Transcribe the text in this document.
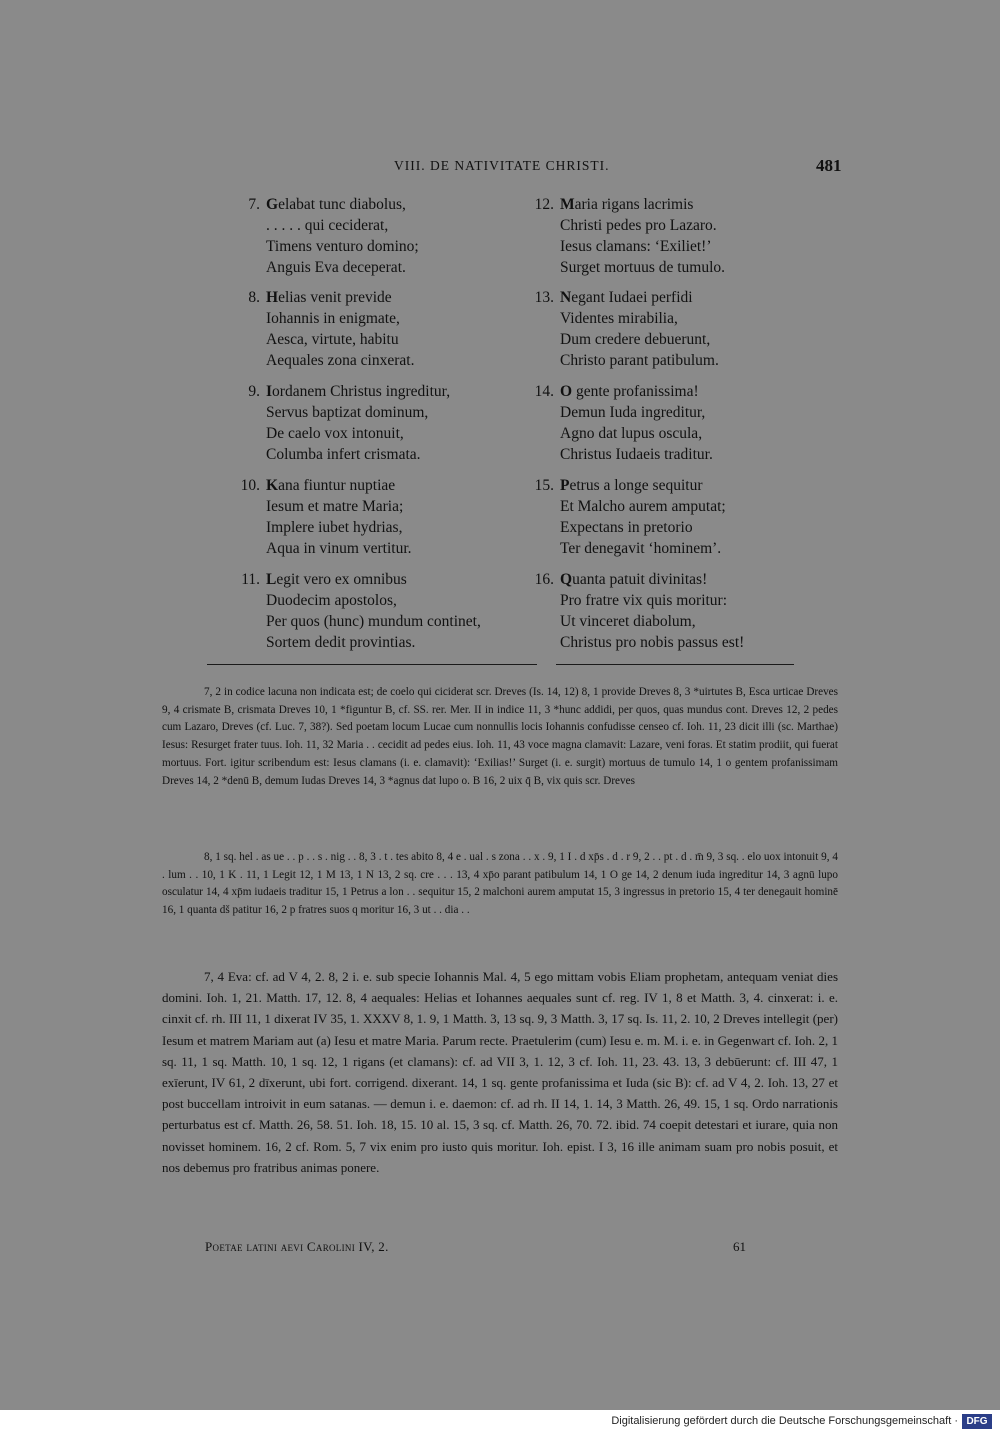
VIII. DE NATIVITATE CHRISTI.	481
7. Gelabat tunc diabolus,
. . . . . qui ceciderat,
Timens venturo domino;
Anguis Eva deceperat.
8. Helias venit previde
Iohannis in enigmate,
Aesca, virtute, habitu
Aequales zona cinxerat.
9. Iordanem Christus ingreditur,
Servus baptizat dominum,
De caelo vox intonuit,
Columba infert crismata.
10. Kana fiuntur nuptiae
Iesum et matre Maria;
Implere iubet hydrias,
Aqua in vinum vertitur.
11. Legit vero ex omnibus
Duodecim apostolos,
Per quos (hunc) mundum continet,
Sortem dedit provintias.
12. Maria rigans lacrimis
Christi pedes pro Lazaro.
Iesus clamans: ‘Exiliet!’
Surget mortuus de tumulo.
13. Negant Iudaei perfidi
Videntes mirabilia,
Dum credere debuerunt,
Christo parant patibulum.
14. O gente profanissima!
Demun Iuda ingreditur,
Agno dat lupus oscula,
Christus Iudaeis traditur.
15. Petrus a longe sequitur
Et Malcho aurem amputat;
Expectans in pretorio
Ter denegavit ‘hominem’.
16. Quanta patuit divinitas!
Pro fratre vix quis moritur:
Ut vinceret diabolum,
Christus pro nobis passus est!

7, 2 in codice lacuna non indicata est; de coelo qui ciciderat scr. Dreves (Is. 14, 12) 8, 1 provide Dreves 8, 3 *uirtutes B, Esca urticae Dreves 9, 4 crismate B, crismata Dreves 10, 1 *figuntur B, cf. SS. rer. Mer. II in indice 11, 3 *hunc addidi, per quos, quas mundus cont. Dreves 12, 2 pedes cum Lazaro, Dreves (cf. Luc. 7, 38?). Sed poetam locum Lucae cum nonnullis locis Iohannis confudisse censeo cf. Ioh. 11, 23 dicit illi (sc. Marthae) Iesus: Resurget frater tuus. Ioh. 11, 32 Maria . . cecidit ad pedes eius. Ioh. 11, 43 voce magna clamavit: Lazare, veni foras. Et statim prodiit, qui fuerat mortuus. Fort. igitur scribendum est: Iesus clamans (i. e. clamavit): ‘Exilias!’ Surget (i. e. surgit) mortuus de tumulo 14, 1 o gentem profanissimam Dreves 14, 2 *denū B, demum Iudas Dreves 14, 3 *agnus dat lupo o. B 16, 2 uix q̄ B, vix quis scr. Dreves

8, 1 sq. hel . as ue . . p . . s . nig . . 8, 3 . t . tes abito 8, 4 e . ual . s zona . . x . 9, 1 I . d xp̄s . d . r 9, 2 . . pt . d . m̄ 9, 3 sq. . elo uox intonuit 9, 4 . lum . . 10, 1 K . 11, 1 Legit 12, 1 M 13, 1 N 13, 2 sq. cre . . . 13, 4 xp̄o parant patibulum 14, 1 O ge 14, 2 denum iuda ingreditur 14, 3 agnū lupo osculatur 14, 4 xp̄m iudaeis traditur 15, 1 Petrus a lon . . sequitur 15, 2 malchoni aurem amputat 15, 3 ingressus in pretorio 15, 4 ter denegauit hominē 16, 1 quanta dš patitur 16, 2 p fratres suos q moritur 16, 3 ut . . dia . .

7, 4 Eva: cf. ad V 4, 2. 8, 2 i. e. sub specie Iohannis Mal. 4, 5 ego mittam vobis Eliam prophetam, antequam veniat dies domini. Ioh. 1, 21. Matth. 17, 12. 8, 4 aequales: Helias et Iohannes aequales sunt cf. reg. IV 1, 8 et Matth. 3, 4. cinxerat: i. e. cinxit cf. rh. III 11, 1 dixerat IV 35, 1. XXXV 8, 1. 9, 1 Matth. 3, 13 sq. 9, 3 Matth. 3, 17 sq. Is. 11, 2. 10, 2 Dreves intellegit (per) Iesum et matrem Mariam aut (a) Iesu et matre Maria. Parum recte. Praetulerim (cum) Iesu e. m. M. i. e. in Gegenwart cf. Ioh. 2, 1 sq. 11, 1 sq. Matth. 10, 1 sq. 12, 1 rigans (et clamans): cf. ad VII 3, 1. 12, 3 cf. Ioh. 11, 23. 43. 13, 3 debūerunt: cf. III 47, 1 exīerunt, IV 61, 2 dīxerunt, ubi fort. corrigend. dixerant. 14, 1 sq. gente profanissima et Iuda (sic B): cf. ad V 4, 2. Ioh. 13, 27 et post buccellam introivit in eum satanas. — demun i. e. daemon: cf. ad rh. II 14, 1. 14, 3 Matth. 26, 49. 15, 1 sq. Ordo narrationis perturbatus est cf. Matth. 26, 58. 51. Ioh. 18, 15. 10 al. 15, 3 sq. cf. Matth. 26, 70. 72. ibid. 74 coepit detestari et iurare, quia non novisset hominem. 16, 2 cf. Rom. 5, 7 vix enim pro iusto quis moritur. Ioh. epist. I 3, 16 ille animam suam pro nobis posuit, et nos debemus pro fratribus animas ponere.

Poetae latini aevi Carolini IV, 2.	61
Digitalisierung gefördert durch die Deutsche Forschungsgemeinschaft · DFG
